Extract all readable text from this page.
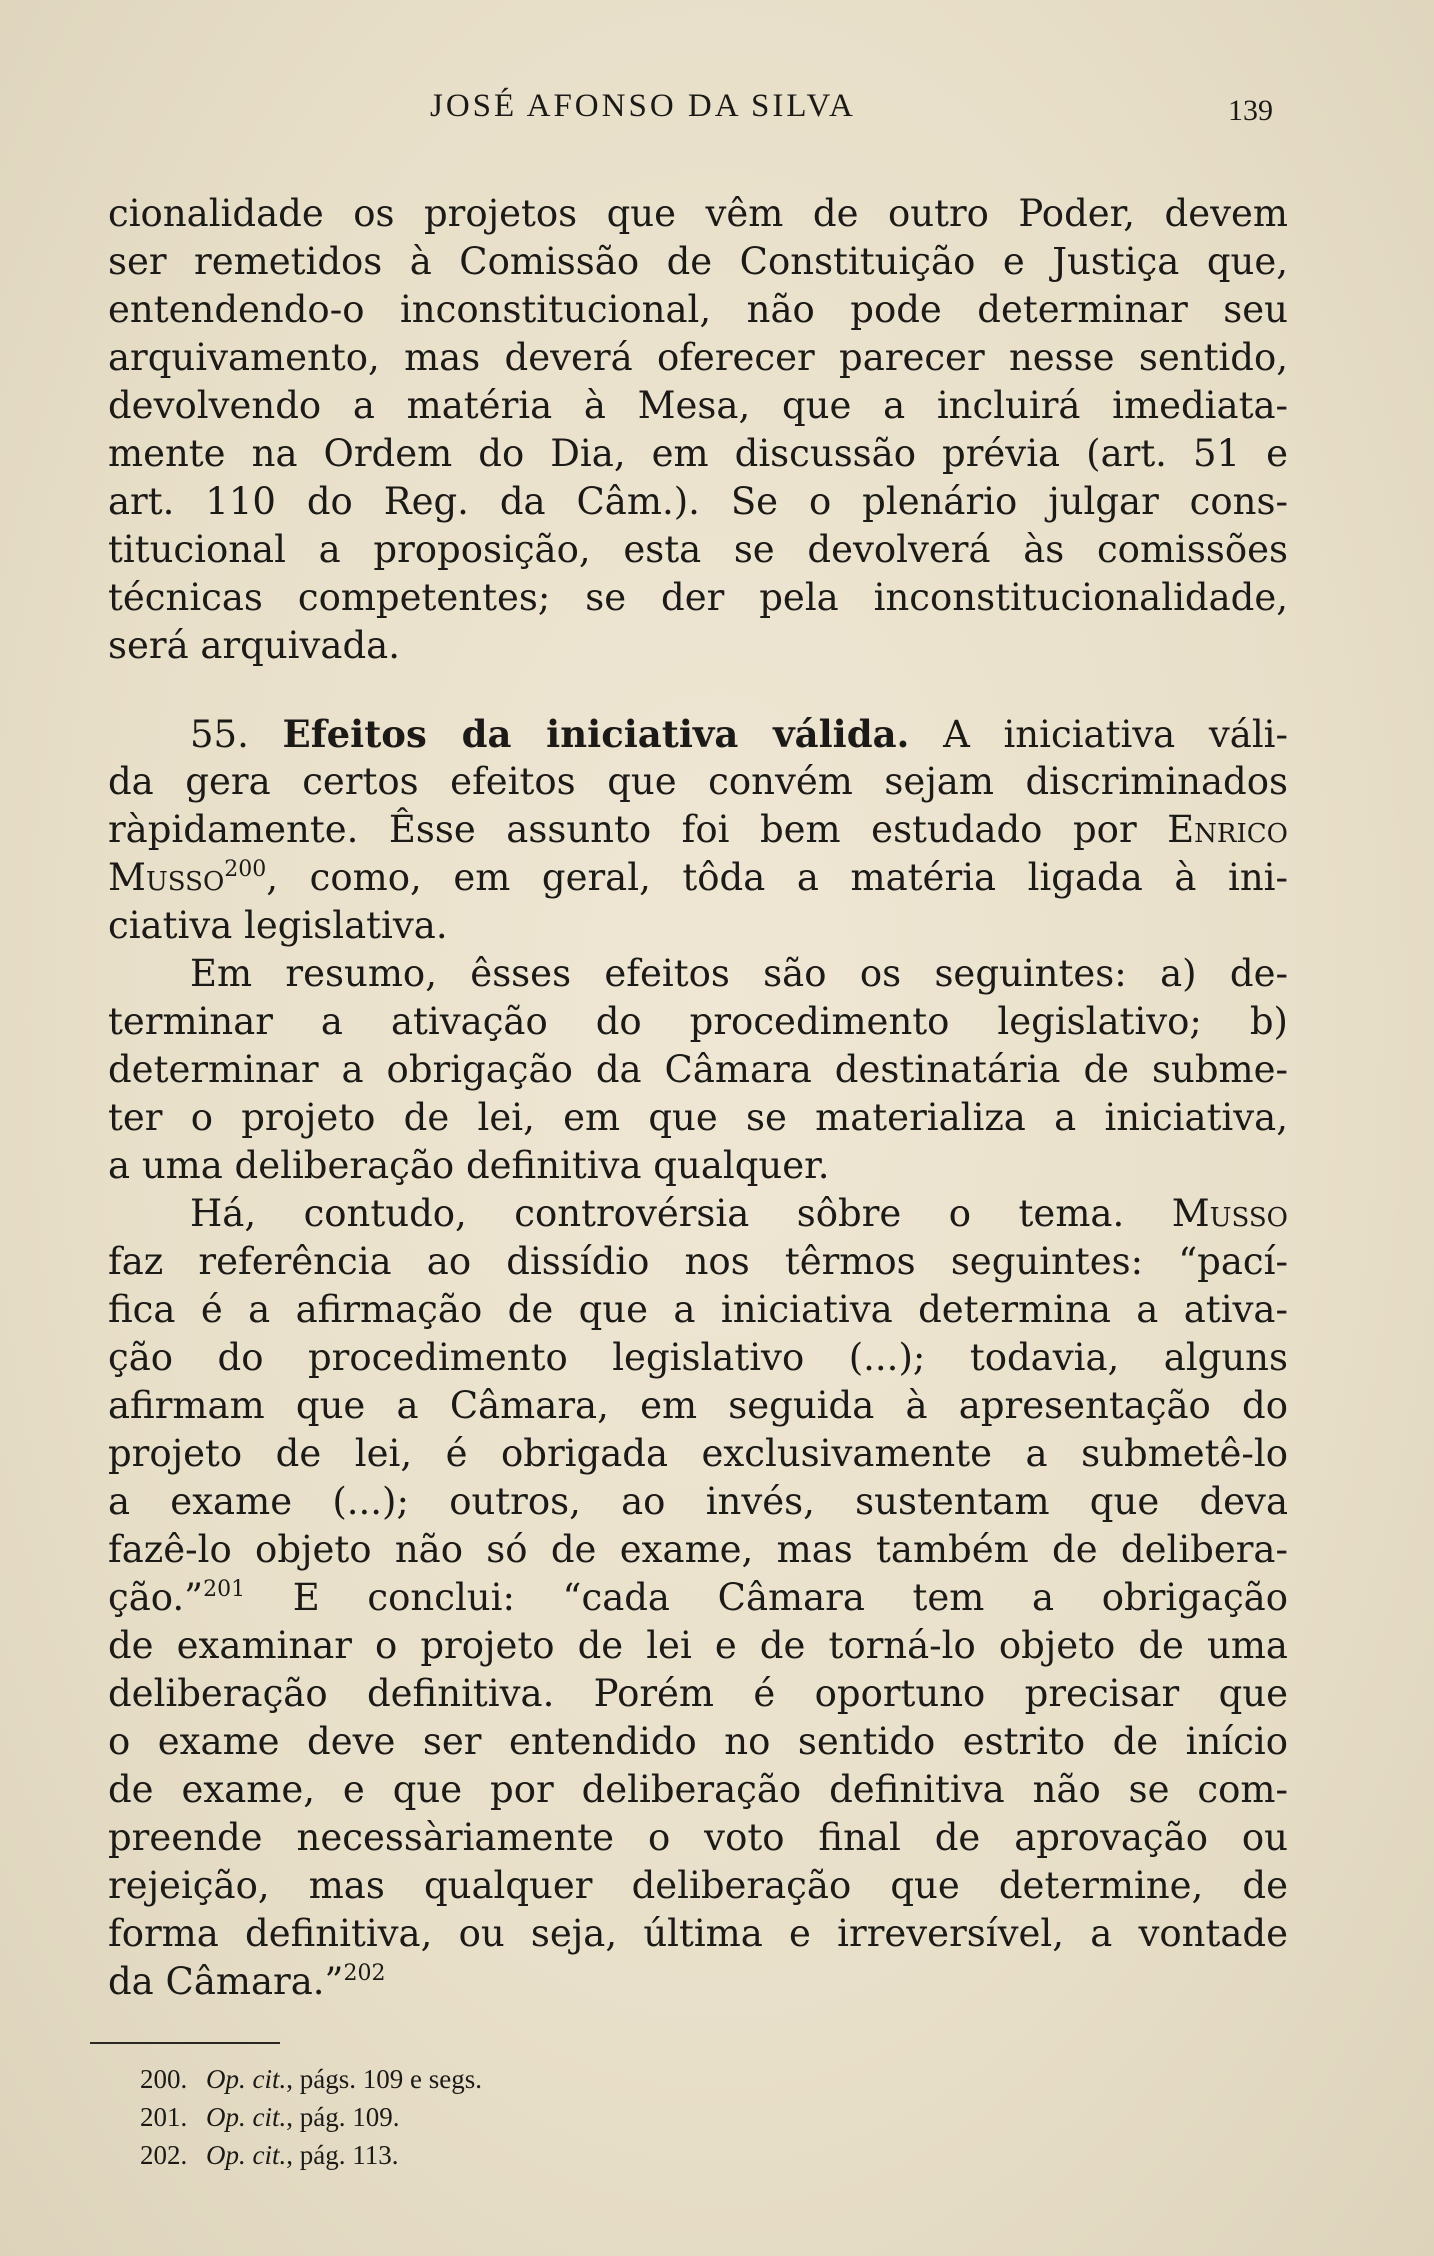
JOSÉ AFONSO DA SILVA	139
cionalidade os projetos que vêm de outro Poder, devem
ser remetidos à Comissão de Constituição e Justiça que,
entendendo-o inconstitucional, não pode determinar seu
arquivamento, mas deverá oferecer parecer nesse sentido,
devolvendo a matéria à Mesa, que a incluirá imediata-
mente na Ordem do Dia, em discussão prévia (art. 51 e
art. 110 do Reg. da Câm.). Se o plenário julgar cons-
titucional a proposição, esta se devolverá às comissões
técnicas competentes; se der pela inconstitucionalidade,
será arquivada.
55. Efeitos da iniciativa válida. A iniciativa váli-
da gera certos efeitos que convém sejam discriminados
ràpidamente. Êsse assunto foi bem estudado por Enrico
Musso$^{200}$, como, em geral, tôda a matéria ligada à ini-
ciativa legislativa.
Em resumo, êsses efeitos são os seguintes: a) de-
terminar a ativação do procedimento legislativo; b)
determinar a obrigação da Câmara destinatária de subme-
ter o projeto de lei, em que se materializa a iniciativa,
a uma deliberação definitiva qualquer.
Há, contudo, controvérsia sôbre o tema. Musso
faz referência ao dissídio nos têrmos seguintes: “pací-
fica é a afirmação de que a iniciativa determina a ativa-
ção do procedimento legislativo (...); todavia, alguns
afirmam que a Câmara, em seguida à apresentação do
projeto de lei, é obrigada exclusivamente a submetê-lo
a exame (...); outros, ao invés, sustentam que deva
fazê-lo objeto não só de exame, mas também de delibera-
ção.”$^{201}$ E conclui: “cada Câmara tem a obrigação
de examinar o projeto de lei e de torná-lo objeto de uma
deliberação definitiva. Porém é oportuno precisar que
o exame deve ser entendido no sentido estrito de início
de exame, e que por deliberação definitiva não se com-
preende necessàriamente o voto final de aprovação ou
rejeição, mas qualquer deliberação que determine, de
forma definitiva, ou seja, última e irreversível, a vontade
da Câmara.”$^{202}$
200. Op. cit., págs. 109 e segs.
201. Op. cit., pág. 109.
202. Op. cit., pág. 113.
